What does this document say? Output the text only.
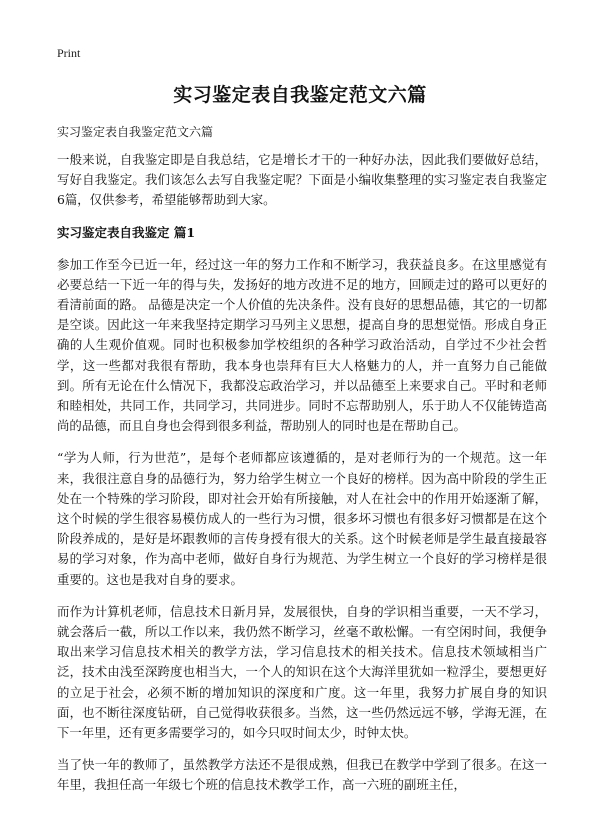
Print
实习鉴定表自我鉴定范文六篇
实习鉴定表自我鉴定范文六篇

一般来说，自我鉴定即是自我总结，它是增长才干的一种好办法，因此我们要做好总结，写好自我鉴定。我们该怎么去写自我鉴定呢？下面是小编收集整理的实习鉴定表自我鉴定6篇，仅供参考，希望能够帮助到大家。

实习鉴定表自我鉴定 篇1

参加工作至今已近一年，经过这一年的努力工作和不断学习，我获益良多。在这里感觉有必要总结一下近一年的得与失，发扬好的地方改进不足的地方，回顾走过的路可以更好的看清前面的路。 品德是决定一个人价值的先决条件。没有良好的思想品德，其它的一切都是空谈。因此这一年来我坚持定期学习马列主义思想，提高自身的思想觉悟。形成自身正确的人生观价值观。同时也积极参加学校组织的各种学习政治活动，自学过不少社会哲学，这一些都对我很有帮助，我本身也崇拜有巨大人格魅力的人，并一直努力自己能做到。所有无论在什么情况下，我都没忘政治学习，并以品德至上来要求自己。平时和老师和睦相处，共同工作，共同学习，共同进步。同时不忘帮助别人，乐于助人不仅能铸造高尚的品德，而且自身也会得到很多利益，帮助别人的同时也是在帮助自己。

“学为人师，行为世范”，是每个老师都应该遵循的，是对老师行为的一个规范。这一年来，我很注意自身的品德行为，努力给学生树立一个良好的榜样。因为高中阶段的学生正处在一个特殊的学习阶段，即对社会开始有所接触，对人在社会中的作用开始逐渐了解，这个时候的学生很容易模仿成人的一些行为习惯，很多坏习惯也有很多好习惯都是在这个阶段养成的，是好是坏跟教师的言传身授有很大的关系。这个时候老师是学生最直接最容易的学习对象，作为高中老师，做好自身行为规范、为学生树立一个良好的学习榜样是很重要的。这也是我对自身的要求。

而作为计算机老师，信息技术日新月异，发展很快，自身的学识相当重要，一天不学习，就会落后一截，所以工作以来，我仍然不断学习，丝毫不敢松懈。一有空闲时间，我便争取出来学习信息技术相关的教学方法，学习信息技术的相关技术。信息技术领域相当广泛，技术由浅至深跨度也相当大，一个人的知识在这个大海洋里犹如一粒浮尘，要想更好的立足于社会，必须不断的增加知识的深度和广度。这一年里，我努力扩展自身的知识面，也不断往深度钻研，自己觉得收获很多。当然，这一些仍然远远不够，学海无涯，在下一年里，还有更多需要学习的，如今只叹时间太少，时钟太快。

当了快一年的教师了，虽然教学方法还不是很成熟，但我已在教学中学到了很多。在这一年里，我担任高一年级七个班的信息技术教学工作，高一六班的副班主任，
